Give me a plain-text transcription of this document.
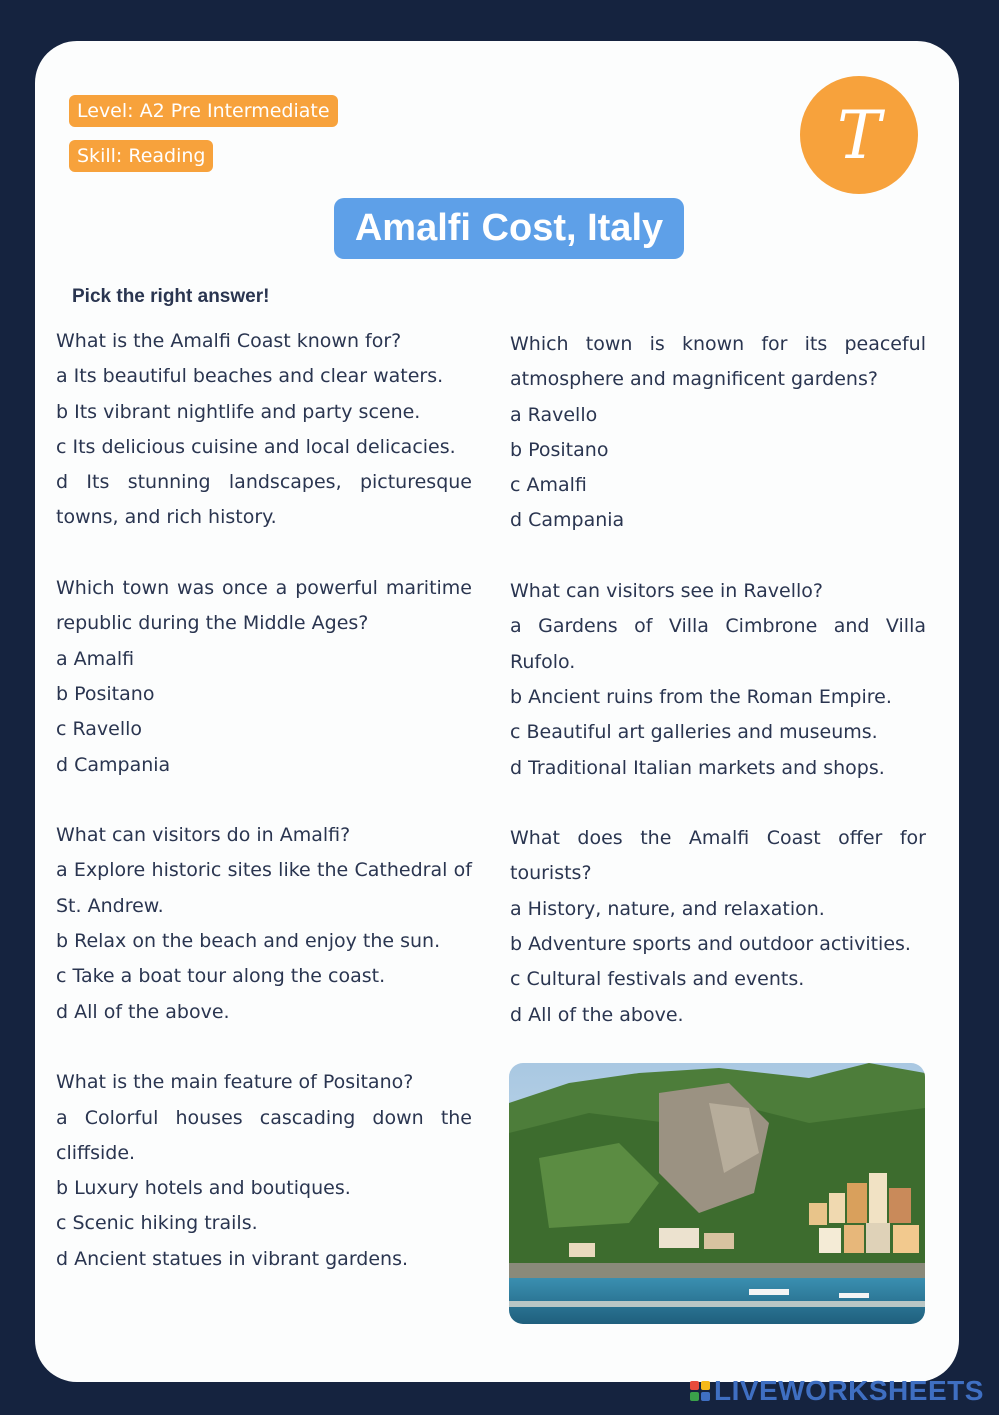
Level: A2 Pre Intermediate
Skill: Reading	T
Amalfi Cost, Italy
Pick the right answer!
What is the Amalfi Coast known for?
a Its beautiful beaches and clear waters.
b Its vibrant nightlife and party scene.
c Its delicious cuisine and local delicacies.
d Its stunning landscapes, picturesque towns, and rich history.
Which town was once a powerful maritime republic during the Middle Ages?
a Amalfi
b Positano
c Ravello
d Campania
What can visitors do in Amalfi?
a Explore historic sites like the Cathedral of St. Andrew.
b Relax on the beach and enjoy the sun.
c Take a boat tour along the coast.
d All of the above.
What is the main feature of Positano?
a Colorful houses cascading down the cliffside.
b Luxury hotels and boutiques.
c Scenic hiking trails.
d Ancient statues in vibrant gardens.
Which town is known for its peaceful atmosphere and magnificent gardens?
a Ravello
b Positano
c Amalfi
d Campania
What can visitors see in Ravello?
a Gardens of Villa Cimbrone and Villa Rufolo.
b Ancient ruins from the Roman Empire.
c Beautiful art galleries and museums.
d Traditional Italian markets and shops.
What does the Amalfi Coast offer for tourists?
a History, nature, and relaxation.
b Adventure sports and outdoor activities.
c Cultural festivals and events.
d All of the above.
LIVEWORKSHEETS
